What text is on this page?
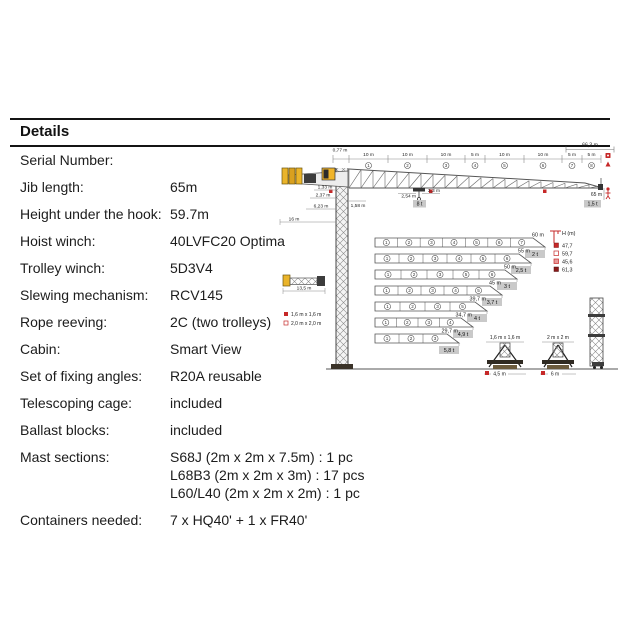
Details
Serial Number:
Jib length:	65m
Height under the hook: 59.7m
Hoist winch:	40LVFC20 Optima
Trolley winch:	5D3V4
Slewing mechanism:	RCV145
Rope reeving:	2C (two trolleys)
Cabin:	Smart View
Set of fixing angles:	R20A reusable
Telescoping cage:	included
Ballast blocks:	included
Mast sections:	S68J (2m x 2m x 7.5m) : 1 pc
L68B3 (2m x 2m x 3m) : 17 pcs
L60/L40 (2m x 2m x 2m) : 1 pc
Containers needed:	7 x HQ40' + 1 x FR40'
66,3 m
0,77 m
10 m
1
10 m
2
10 m
3
5 m
4
10 m
5
10 m
6
5 m
7
5 m
8
65 m
1,5 t
8 t
2,54 m
2,3 m
1,58 m
1,33 m
2,37 m
6,23 m
16 m
13,5 m
1,6 m x 1,6 m
2,0 m x 2,0 m
1	2	3	4	5	6	7
60 m
2 t
1	2	3	4	5	6
55 m
2,5 t
1	2	3	5	6
50 m
3 t
1	2	3	4	5
45 m
3,7 t
1	2	3	5
39,7 m
4 t
1	2	3	4
34,7 m
4,9 t
1	2	3
29,7 m
5,8 t
H (m)
47,7
59,7
45,6
61,3
1,6 m x 1,6 m
4,5 m
2 m x 2 m
6 m
